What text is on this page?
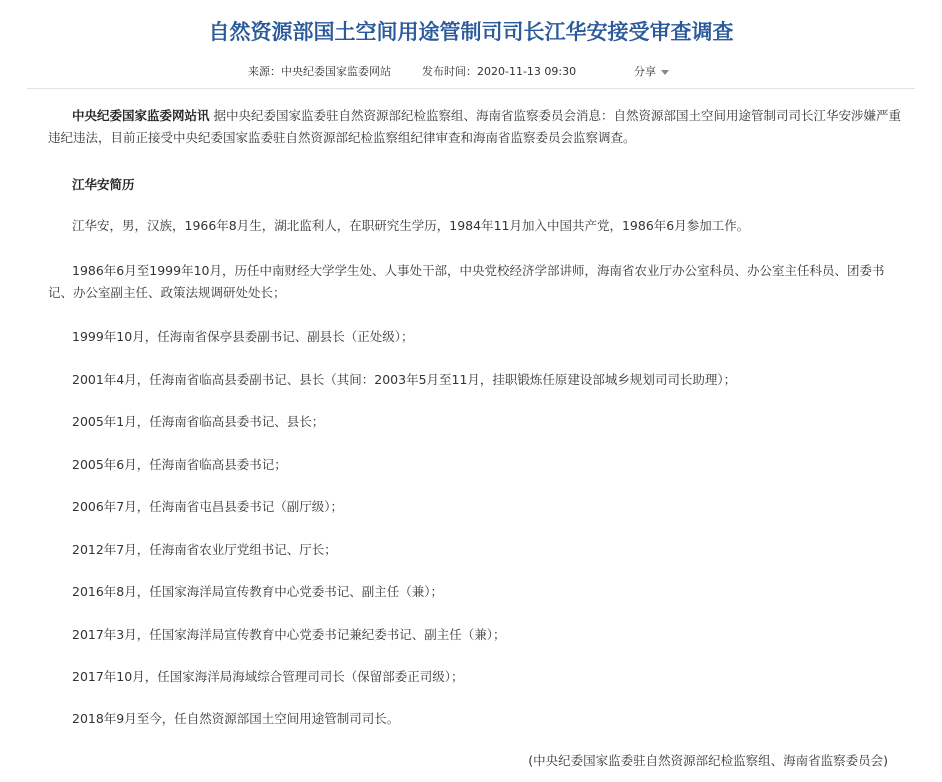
自然资源部国土空间用途管制司司长江华安接受审查调查
来源：中央纪委国家监委网站	发布时间：2020-11-13 09:30	分享

中央纪委国家监委网站讯 据中央纪委国家监委驻自然资源部纪检监察组、海南省监察委员会消息：自然资源部国土空间用途管制司司长江华安涉嫌严重违纪违法，目前正接受中央纪委国家监委驻自然资源部纪检监察组纪律审查和海南省监察委员会监察调查。

江华安简历

江华安，男，汉族，1966年8月生，湖北监利人，在职研究生学历，1984年11月加入中国共产党，1986年6月参加工作。

1986年6月至1999年10月，历任中南财经大学学生处、人事处干部，中央党校经济学部讲师，海南省农业厅办公室科员、办公室主任科员、团委书记、办公室副主任、政策法规调研处处长；

1999年10月，任海南省保亭县委副书记、副县长（正处级）；

2001年4月，任海南省临高县委副书记、县长（其间：2003年5月至11月，挂职锻炼任原建设部城乡规划司司长助理）；

2005年1月，任海南省临高县委书记、县长；

2005年6月，任海南省临高县委书记；

2006年7月，任海南省屯昌县委书记（副厅级）；

2012年7月，任海南省农业厅党组书记、厅长；

2016年8月，任国家海洋局宣传教育中心党委书记、副主任（兼）；

2017年3月，任国家海洋局宣传教育中心党委书记兼纪委书记、副主任（兼）；

2017年10月，任国家海洋局海域综合管理司司长（保留部委正司级）；

2018年9月至今，任自然资源部国土空间用途管制司司长。

(中央纪委国家监委驻自然资源部纪检监察组、海南省监察委员会)
